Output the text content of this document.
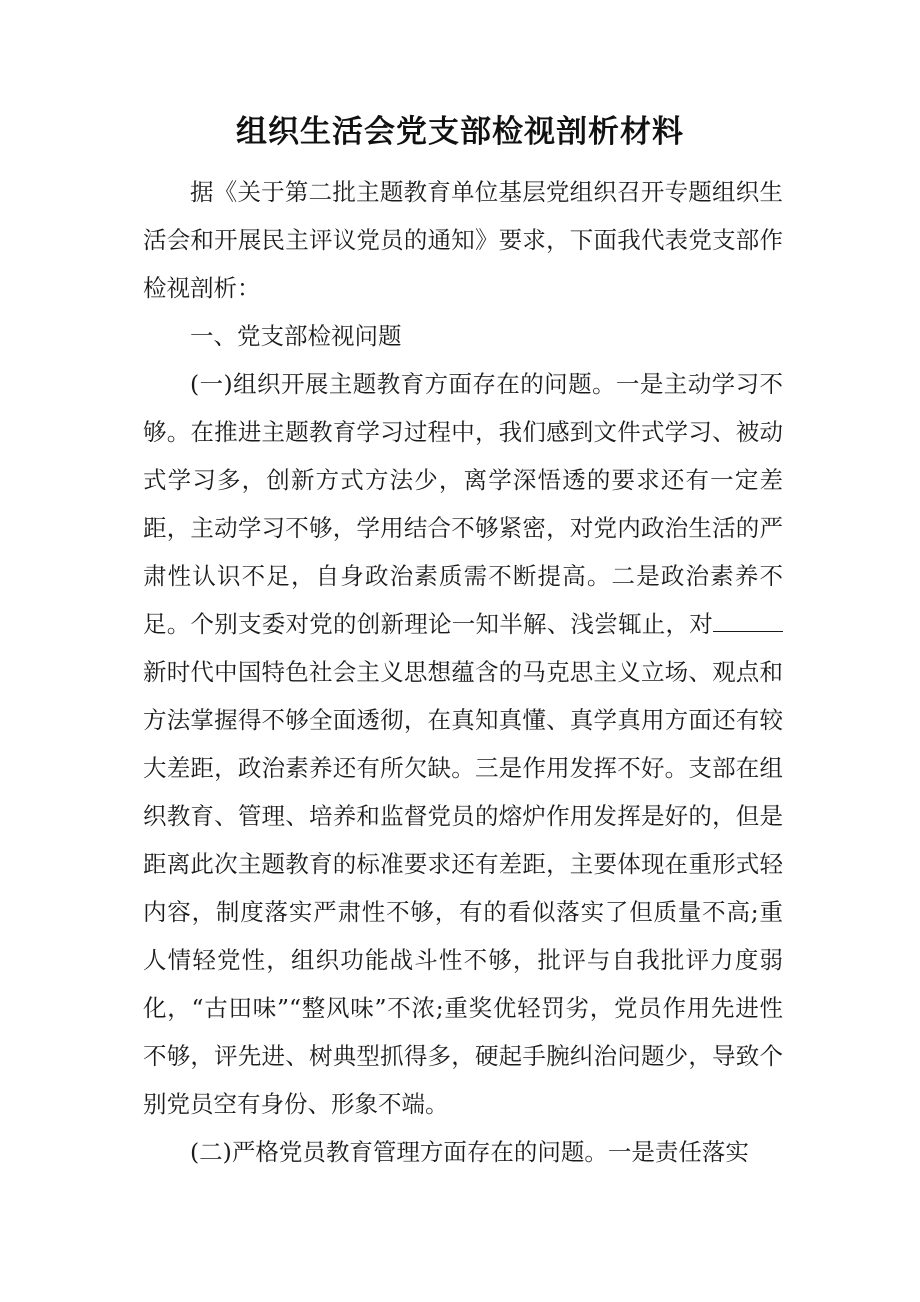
组织生活会党支部检视剖析材料

据《关于第二批主题教育单位基层党组织召开专题组织生活会和开展民主评议党员的通知》要求，下面我代表党支部作检视剖析：

一、党支部检视问题

(一)组织开展主题教育方面存在的问题。一是主动学习不够。在推进主题教育学习过程中，我们感到文件式学习、被动式学习多，创新方式方法少，离学深悟透的要求还有一定差距，主动学习不够，学用结合不够紧密，对党内政治生活的严肃性认识不足，自身政治素质需不断提高。二是政治素养不足。个别支委对党的创新理论一知半解、浅尝辄止，对新时代中国特色社会主义思想蕴含的马克思主义立场、观点和方法掌握得不够全面透彻，在真知真懂、真学真用方面还有较大差距，政治素养还有所欠缺。三是作用发挥不好。支部在组织教育、管理、培养和监督党员的熔炉作用发挥是好的，但是距离此次主题教育的标准要求还有差距，主要体现在重形式轻内容，制度落实严肃性不够，有的看似落实了但质量不高;重人情轻党性，组织功能战斗性不够，批评与自我批评力度弱化，“古田味”“整风味”不浓;重奖优轻罚劣，党员作用先进性不够，评先进、树典型抓得多，硬起手腕纠治问题少，导致个别党员空有身份、形象不端。

(二)严格党员教育管理方面存在的问题。一是责任落实
